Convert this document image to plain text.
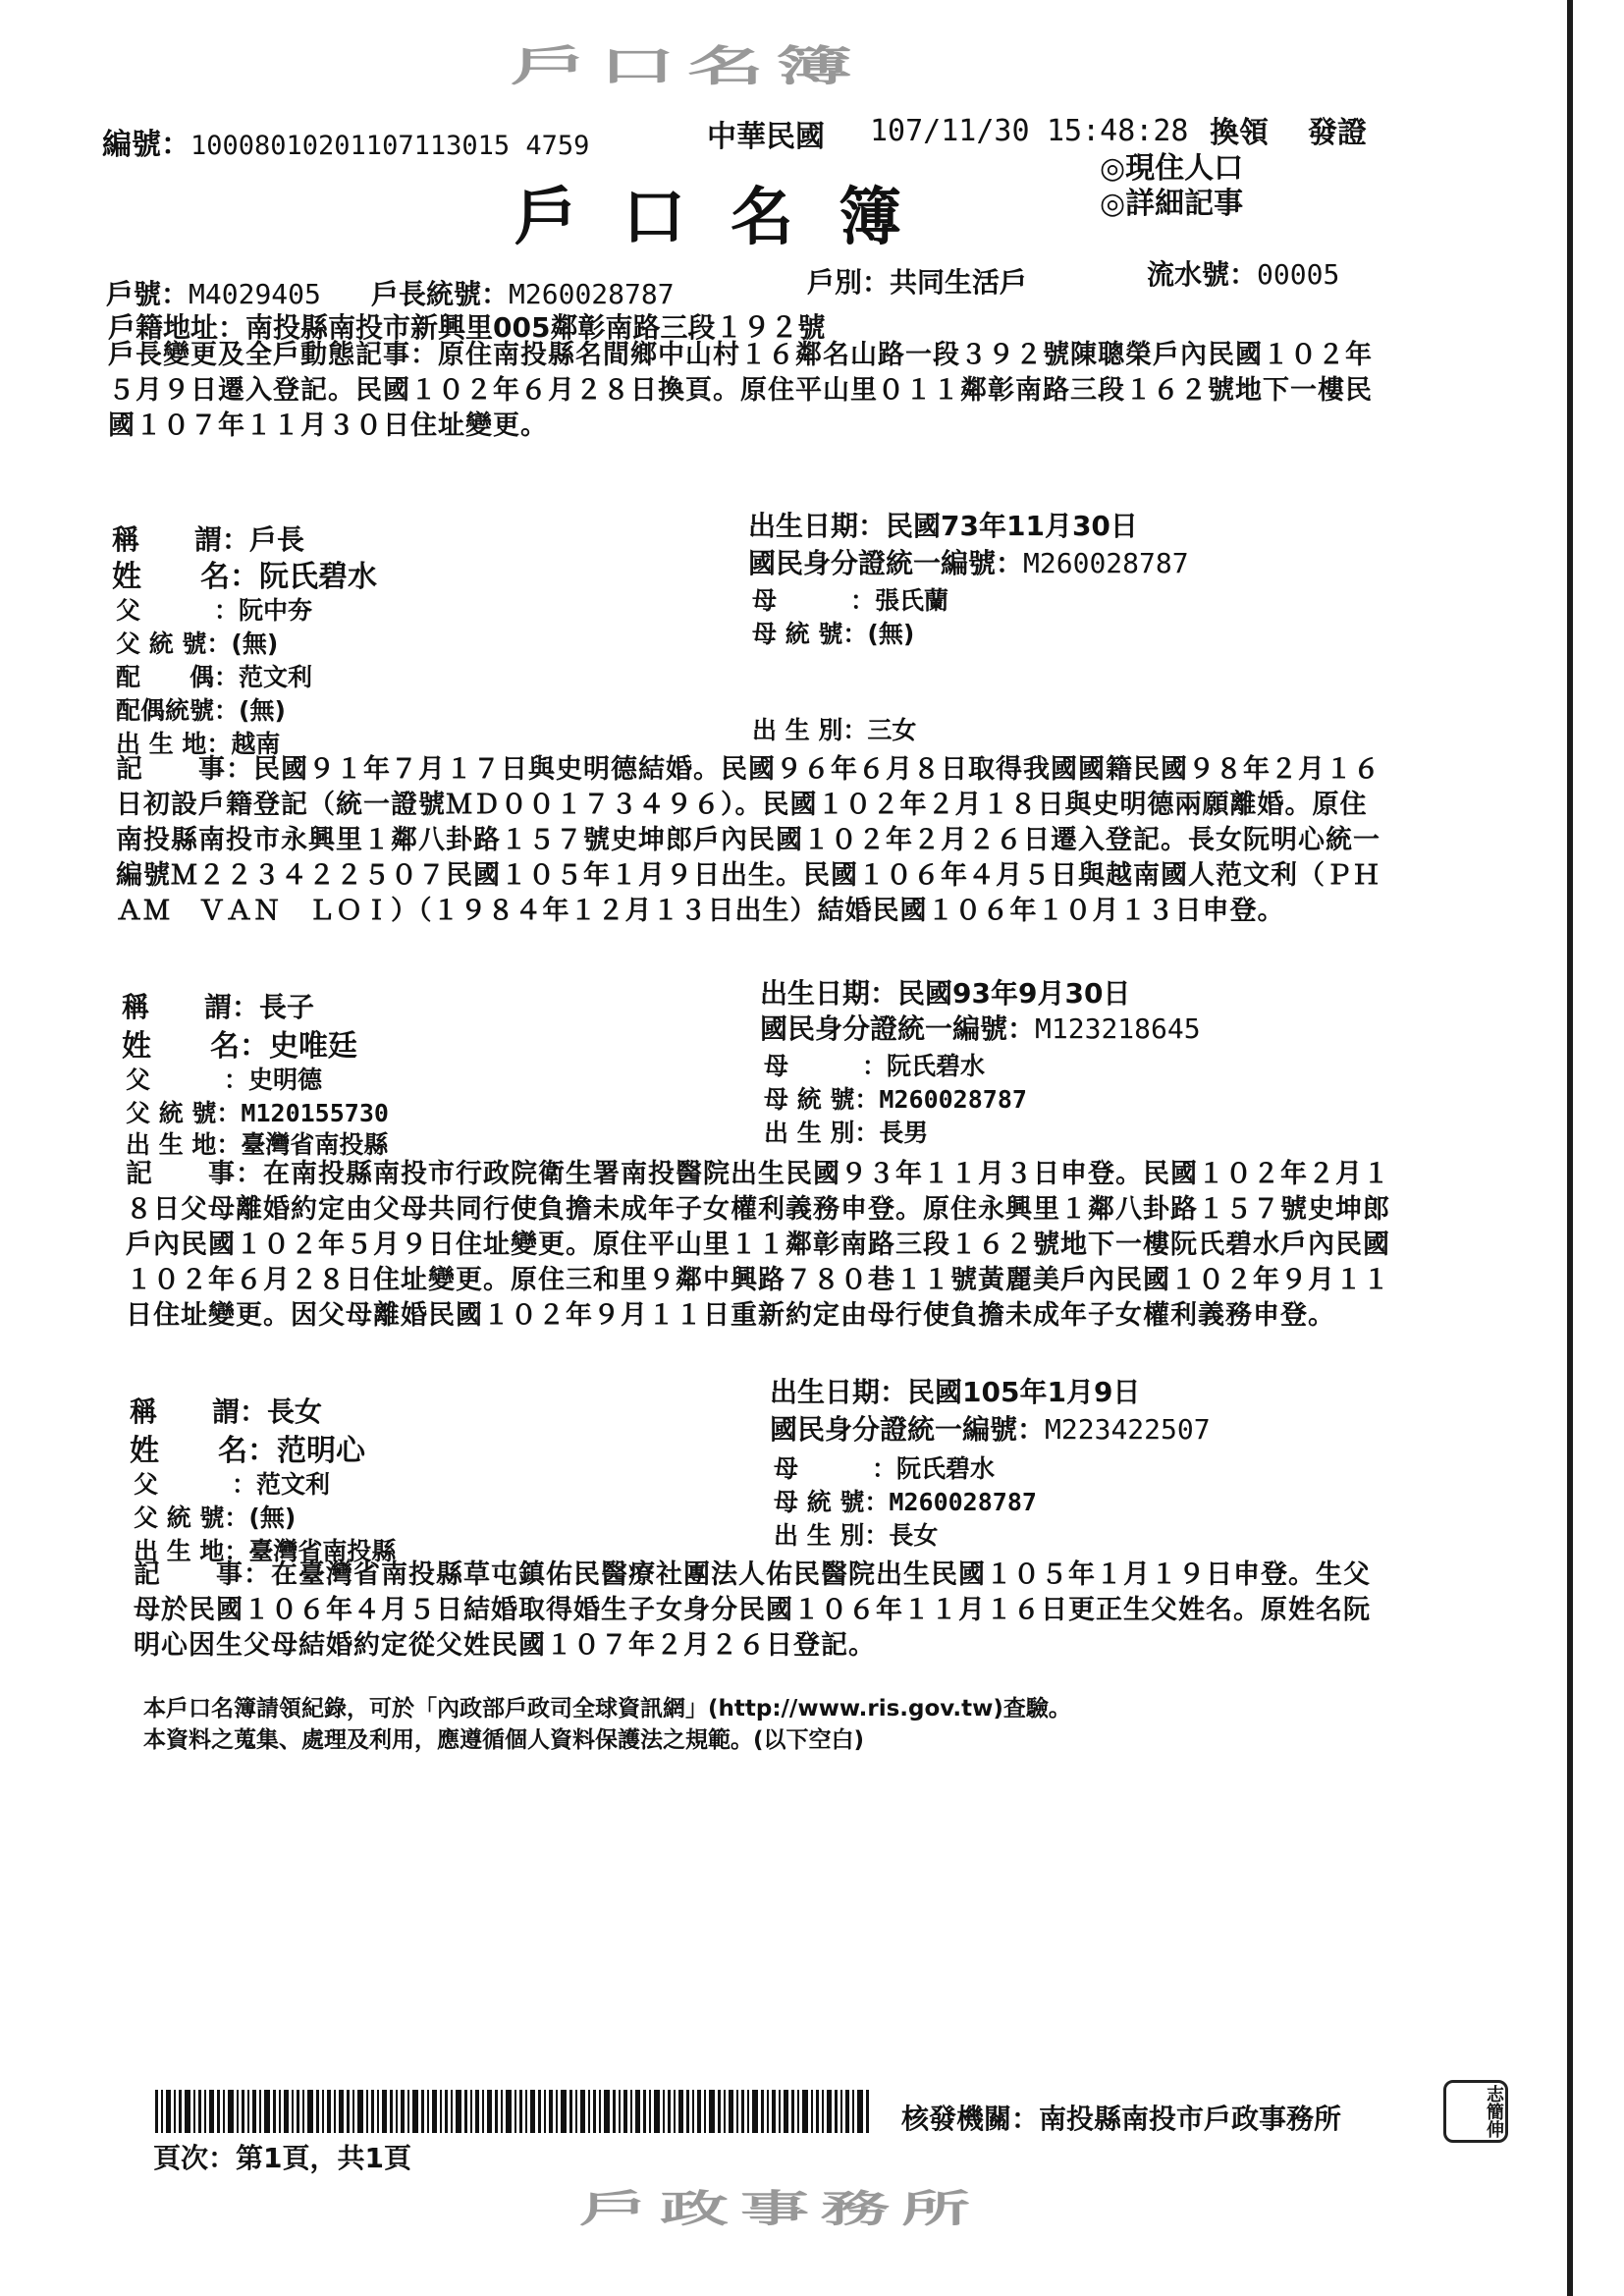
戶口名簿
編號：10008010201107113015 4759	中華民國 107/11/30 15:48:28 換領 發證
◎現住人口
◎詳細記事
戶口名簿
戶號：M4029405 戶長統號：M260028787	戶別：共同生活戶	流水號：00005
戶籍地址：南投縣南投市新興里005鄰彰南路三段１９２號
戶長變更及全戶動態記事：原住南投縣名間鄉中山村１６鄰名山路一段３９２號陳聰榮戶內民國１０２年５月９日遷入登記。民國１０２年６月２８日換頁。原住平山里０１１鄰彰南路三段１６２號地下一樓民國１０７年１１月３０日住址變更。
稱　　謂：戶長
姓　　名：阮氏碧水
父　　　：阮中夯
父 統 號：(無)
配　　偶：范文利
配偶統號：(無)
出 生 地：越南
出生日期：民國73年11月30日
國民身分證統一編號：M260028787
母　　　：張氏蘭
母 統 號：(無)
出 生 別：三女
記　　事：民國９１年７月１７日與史明德結婚。民國９６年６月８日取得我國國籍民國９８年２月１６日初設戶籍登記（統一證號ＭＤ００１７３４９６）。民國１０２年２月１８日與史明德兩願離婚。原住南投縣南投市永興里１鄰八卦路１５７號史坤郎戶內民國１０２年２月２６日遷入登記。長女阮明心統一編號Ｍ２２３４２２５０７民國１０５年１月９日出生。民國１０６年４月５日與越南國人范文利（ＰＨＡＭ　ＶＡＮ　ＬＯＩ）（１９８４年１２月１３日出生）結婚民國１０６年１０月１３日申登。
稱　　謂：長子
姓　　名：史唯廷
父　　　：史明德
父 統 號：M120155730
出 生 地：臺灣省南投縣
出生日期：民國93年9月30日
國民身分證統一編號：M123218645
母　　　：阮氏碧水
母 統 號：M260028787
出 生 別：長男
記　　事：在南投縣南投市行政院衛生署南投醫院出生民國９３年１１月３日申登。民國１０２年２月１８日父母離婚約定由父母共同行使負擔未成年子女權利義務申登。原住永興里１鄰八卦路１５７號史坤郎戶內民國１０２年５月９日住址變更。原住平山里１１鄰彰南路三段１６２號地下一樓阮氏碧水戶內民國１０２年６月２８日住址變更。原住三和里９鄰中興路７８０巷１１號黃麗美戶內民國１０２年９月１１日住址變更。因父母離婚民國１０２年９月１１日重新約定由母行使負擔未成年子女權利義務申登。
稱　　謂：長女
姓　　名：范明心
父　　　：范文利
父 統 號：(無)
出 生 地：臺灣省南投縣
出生日期：民國105年1月9日
國民身分證統一編號：M223422507
母　　　：阮氏碧水
母 統 號：M260028787
出 生 別：長女
記　　事：在臺灣省南投縣草屯鎮佑民醫療社團法人佑民醫院出生民國１０５年１月１９日申登。生父母於民國１０６年４月５日結婚取得婚生子女身分民國１０６年１１月１６日更正生父姓名。原姓名阮明心因生父母結婚約定從父姓民國１０７年２月２６日登記。
本戶口名簿請領紀錄，可於「內政部戶政司全球資訊網」(http://www.ris.gov.tw)查驗。
本資料之蒐集、處理及利用，應遵循個人資料保護法之規範。(以下空白)
頁次：第1頁，共1頁
核發機關：南投縣南投市戶政事務所	志簡伸
戶政事務所
